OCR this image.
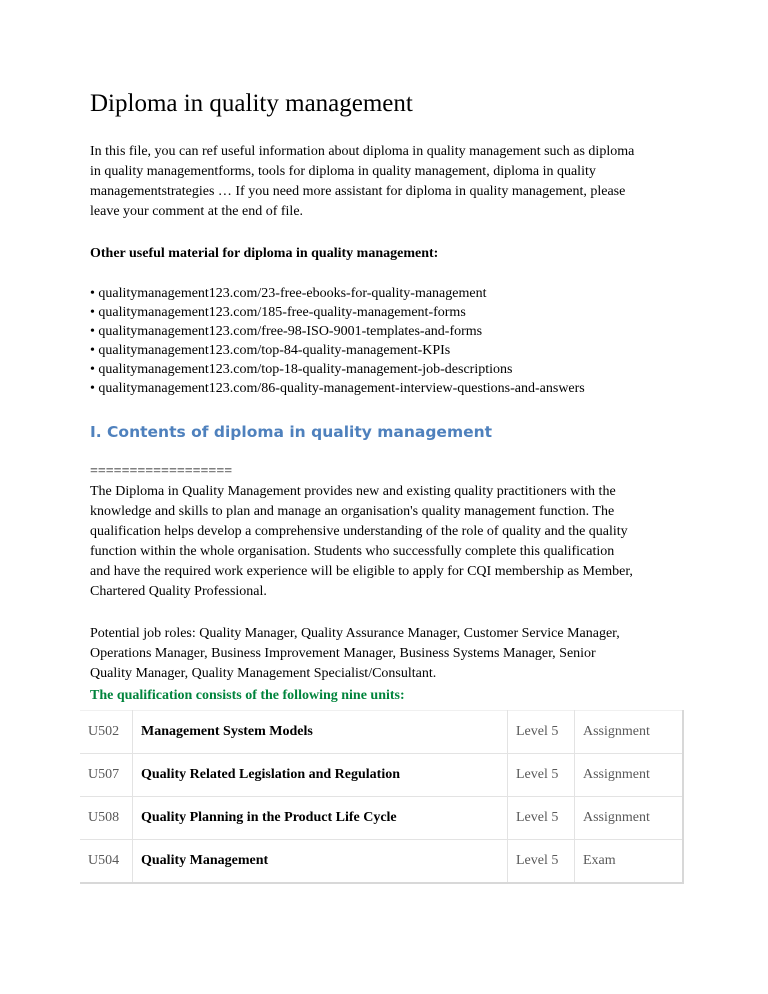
Diploma in quality management
In this file, you can ref useful information about diploma in quality management such as diploma
in quality managementforms, tools for diploma in quality management, diploma in quality
managementstrategies … If you need more assistant for diploma in quality management, please
leave your comment at the end of file.
Other useful material for diploma in quality management:
• qualitymanagement123.com/23-free-ebooks-for-quality-management
• qualitymanagement123.com/185-free-quality-management-forms
• qualitymanagement123.com/free-98-ISO-9001-templates-and-forms
• qualitymanagement123.com/top-84-quality-management-KPIs
• qualitymanagement123.com/top-18-quality-management-job-descriptions
• qualitymanagement123.com/86-quality-management-interview-questions-and-answers
I. Contents of diploma in quality management
==================
The Diploma in Quality Management provides new and existing quality practitioners with the
knowledge and skills to plan and manage an organisation's quality management function. The
qualification helps develop a comprehensive understanding of the role of quality and the quality
function within the whole organisation. Students who successfully complete this qualification
and have the required work experience will be eligible to apply for CQI membership as Member,
Chartered Quality Professional.
Potential job roles: Quality Manager, Quality Assurance Manager, Customer Service Manager,
Operations Manager, Business Improvement Manager, Business Systems Manager, Senior
Quality Manager, Quality Management Specialist/Consultant.
The qualification consists of the following nine units:
U502	Management System Models	Level 5	Assignment
U507	Quality Related Legislation and Regulation	Level 5	Assignment
U508	Quality Planning in the Product Life Cycle	Level 5	Assignment
U504	Quality Management	Level 5	Exam
